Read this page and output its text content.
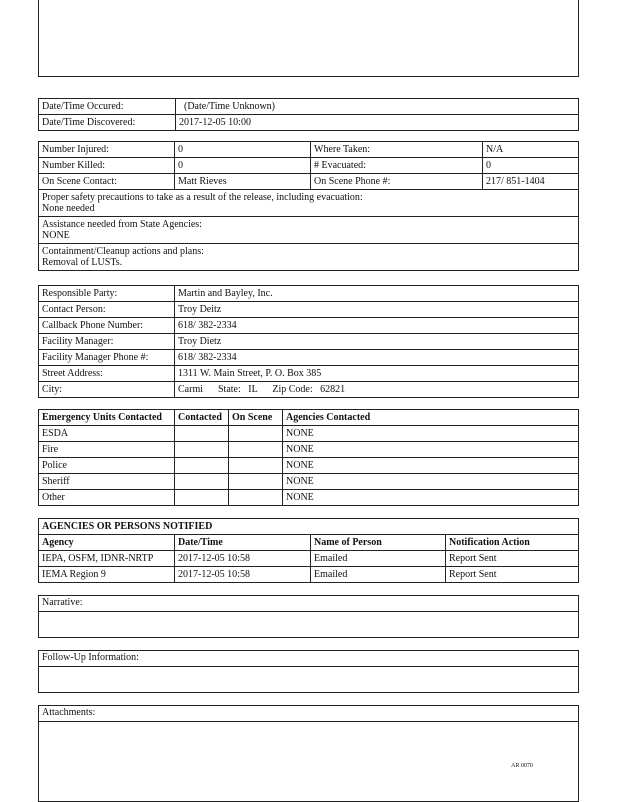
Date/Time Occured:	(Date/Time Unknown)
Date/Time Discovered:	2017-12-05 10:00
Number Injured:	0	Where Taken:	N/A
Number Killed:	0	# Evacuated:	0
On Scene Contact:	Matt Rieves	On Scene Phone #:	217/ 851-1404

Proper safety precautions to take as a result of the release, including evacuation:
None needed			

Assistance needed from State Agencies:
NONE			

Containment/Cleanup actions and plans:
Removal of LUSTs.			
Responsible Party:	Martin and Bayley, Inc.
Contact Person:	Troy Deitz
Callback Phone Number:	618/ 382-2334
Facility Manager:	Troy Dietz
Facility Manager Phone #:	618/ 382-2334
Street Address:	1311 W. Main Street, P. O. Box 385
City:	Carmi      State:   IL      Zip Code:   62821
Emergency Units Contacted	Contacted	On Scene	Agencies Contacted
ESDA			NONE
Fire			NONE
Police			NONE
Sheriff			NONE
Other			NONE
AGENCIES OR PERSONS NOTIFIED			
Agency	Date/Time	Name of Person	Notification Action
IEPA, OSFM, IDNR-NRTP	2017-12-05 10:58	Emailed	Report Sent
IEMA Region 9	2017-12-05 10:58	Emailed	Report Sent
Narrative:
Follow-Up Information:
Attachments:
AR 0070
